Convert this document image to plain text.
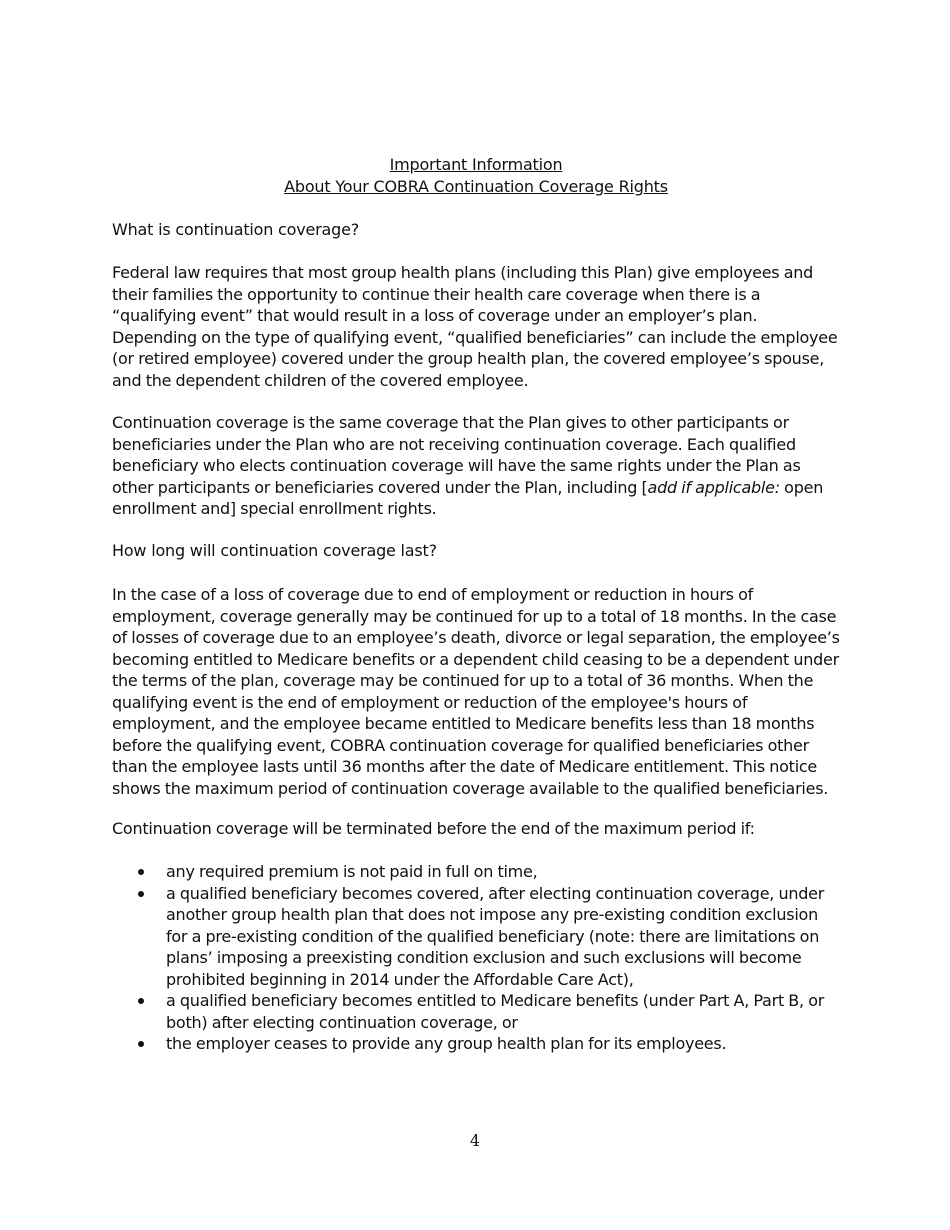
Important Information
About Your COBRA Continuation Coverage Rights
What is continuation coverage?
Federal law requires that most group health plans (including this Plan) give employees and their families the opportunity to continue their health care coverage when there is a “qualifying event” that would result in a loss of coverage under an employer’s plan. Depending on the type of qualifying event, “qualified beneficiaries” can include the employee (or retired employee) covered under the group health plan, the covered employee’s spouse, and the dependent children of the covered employee.
Continuation coverage is the same coverage that the Plan gives to other participants or beneficiaries under the Plan who are not receiving continuation coverage. Each qualified beneficiary who elects continuation coverage will have the same rights under the Plan as other participants or beneficiaries covered under the Plan, including [add if applicable: open enrollment and] special enrollment rights.
How long will continuation coverage last?
In the case of a loss of coverage due to end of employment or reduction in hours of employment, coverage generally may be continued for up to a total of 18 months. In the case of losses of coverage due to an employee’s death, divorce or legal separation, the employee’s becoming entitled to Medicare benefits or a dependent child ceasing to be a dependent under the terms of the plan, coverage may be continued for up to a total of 36 months. When the qualifying event is the end of employment or reduction of the employee's hours of employment, and the employee became entitled to Medicare benefits less than 18 months before the qualifying event, COBRA continuation coverage for qualified beneficiaries other than the employee lasts until 36 months after the date of Medicare entitlement. This notice shows the maximum period of continuation coverage available to the qualified beneficiaries.
Continuation coverage will be terminated before the end of the maximum period if:
any required premium is not paid in full on time,
a qualified beneficiary becomes covered, after electing continuation coverage, under another group health plan that does not impose any pre-existing condition exclusion for a pre-existing condition of the qualified beneficiary (note: there are limitations on plans’ imposing a preexisting condition exclusion and such exclusions will become prohibited beginning in 2014 under the Affordable Care Act),
a qualified beneficiary becomes entitled to Medicare benefits (under Part A, Part B, or both) after electing continuation coverage, or
the employer ceases to provide any group health plan for its employees.
4
